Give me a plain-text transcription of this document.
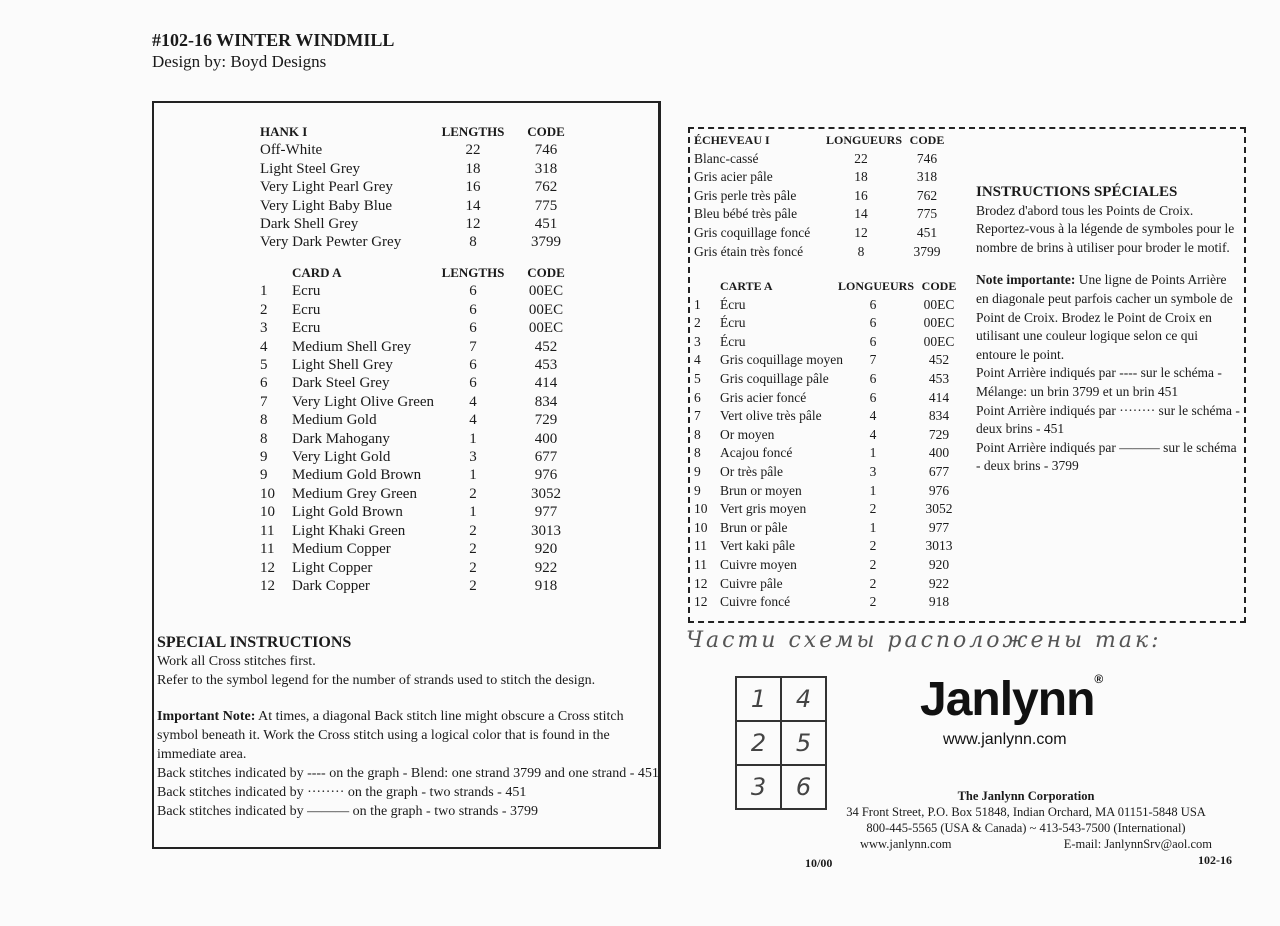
#102-16 WINTER WINDMILL
Design by: Boyd Designs
HANK I	LENGTHS	CODE
Off-White	22	746
Light Steel Grey	18	318
Very Light Pearl Grey	16	762
Very Light Baby Blue	14	775
Dark Shell Grey	12	451
Very Dark Pewter Grey	8	3799
CARD A	LENGTHS	CODE
1	Ecru	6	00EC
2	Ecru	6	00EC
3	Ecru	6	00EC
4	Medium Shell Grey	7	452
5	Light Shell Grey	6	453
6	Dark Steel Grey	6	414
7	Very Light Olive Green	4	834
8	Medium Gold	4	729
8	Dark Mahogany	1	400
9	Very Light Gold	3	677
9	Medium Gold Brown	1	976
10	Medium Grey Green	2	3052
10	Light Gold Brown	1	977
11	Light Khaki Green	2	3013
11	Medium Copper	2	920
12	Light Copper	2	922
12	Dark Copper	2	918

SPECIAL INSTRUCTIONS

Work all Cross stitches first.

Refer to the symbol legend for the number of strands used to stitch the design.

Important Note: At times, a diagonal Back stitch line might obscure a Cross stitch symbol beneath it. Work the Cross stitch using a logical color that is found in the immediate area.

Back stitches indicated by ---- on the graph - Blend: one strand 3799 and one strand - 451

Back stitches indicated by ········ on the graph - two strands - 451

Back stitches indicated by ——— on the graph - two strands - 3799

ÉCHEVEAU I	LONGUEURS CODE
Blanc-cassé	22	746
Gris acier pâle	18	318
Gris perle très pâle	16	762
Bleu bébé très pâle	14	775
Gris coquillage foncé	12	451
Gris étain très foncé	8	3799
CARTE A	LONGUEURS CODE
1	Écru	6	00EC
2	Écru	6	00EC
3	Écru	6	00EC
4	Gris coquillage moyen	7	452
5	Gris coquillage pâle	6	453
6	Gris acier foncé	6	414
7	Vert olive très pâle	4	834
8	Or moyen	4	729
8	Acajou foncé	1	400
9	Or très pâle	3	677
9	Brun or moyen	1	976
10 Vert gris moyen	2	3052
10 Brun or pâle	1	977
11 Vert kaki pâle	2	3013
11 Cuivre moyen	2	920
12 Cuivre pâle	2	922
12 Cuivre foncé	2	918

INSTRUCTIONS SPÉCIALES

Brodez d'abord tous les Points de Croix.

Reportez-vous à la légende de symboles pour le nombre de brins à utiliser pour broder le motif.

Note importante: Une ligne de Points Arrière en diagonale peut parfois cacher un symbole de Point de Croix. Brodez le Point de Croix en utilisant une couleur logique selon ce qui entoure le point.

Point Arrière indiqués par ---- sur le schéma - Mélange: un brin 3799 et un brin 451

Point Arrière indiqués par ········ sur le schéma - deux brins - 451

Point Arrière indiqués par ——— sur le schéma - deux brins - 3799

Части схемы расположены так:
1	4
2	5
3	6
Janlynn®
www.janlynn.com
The Janlynn Corporation
34 Front Street, P.O. Box 51848, Indian Orchard, MA 01151-5848 USA
800-445-5565 (USA & Canada) ~ 413-543-7500 (International)
www.janlynn.com	E-mail: JanlynnSrv@aol.com
10/00	102-16
